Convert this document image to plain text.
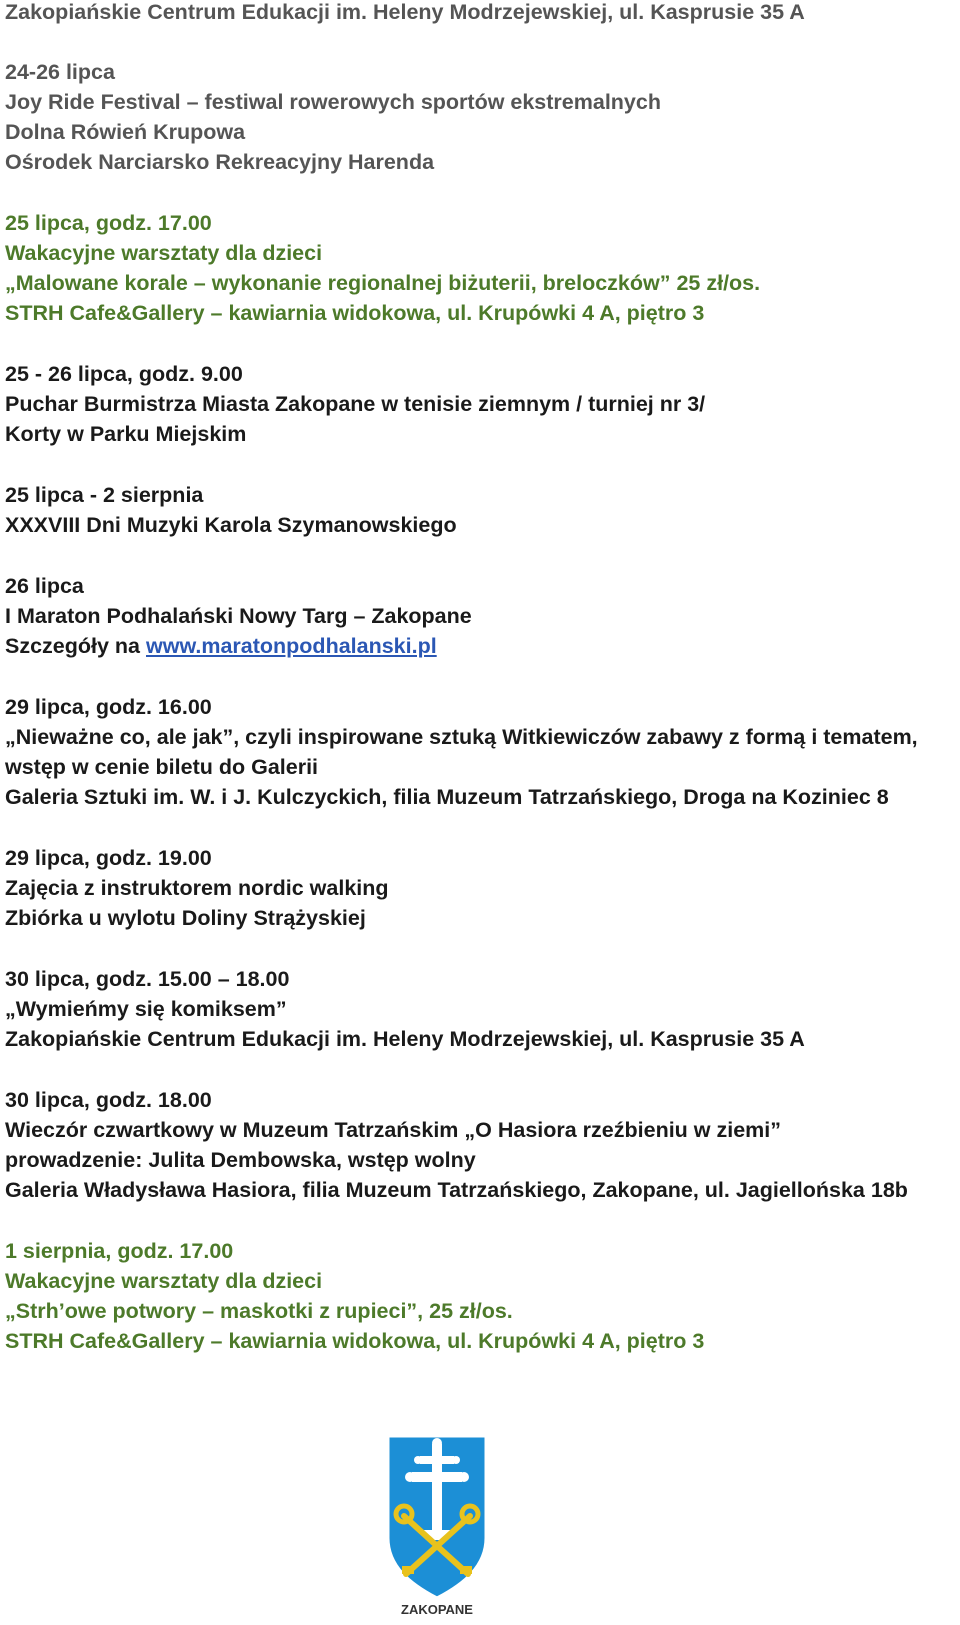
Zakopiańskie Centrum Edukacji im. Heleny Modrzejewskiej, ul. Kasprusie 35 A
24-26 lipca
Joy Ride Festival – festiwal rowerowych sportów ekstremalnych
Dolna Rówień Krupowa
Ośrodek Narciarsko Rekreacyjny Harenda
25 lipca, godz. 17.00
Wakacyjne warsztaty dla dzieci
„Malowane korale – wykonanie regionalnej biżuterii, breloczków” 25 zł/os.
STRH Cafe&Gallery – kawiarnia widokowa, ul. Krupówki 4 A, piętro 3
25 - 26 lipca, godz. 9.00
Puchar Burmistrza Miasta Zakopane w tenisie ziemnym / turniej nr 3/
Korty w Parku Miejskim
25 lipca - 2 sierpnia
XXXVIII Dni Muzyki Karola Szymanowskiego
26 lipca
I Maraton Podhalański Nowy Targ – Zakopane
Szczegóły na www.maratonpodhalanski.pl
29 lipca, godz. 16.00
„Nieważne co, ale jak”, czyli inspirowane sztuką Witkiewiczów zabawy z formą i tematem,
wstęp w cenie biletu do Galerii
Galeria Sztuki im. W. i J. Kulczyckich, filia Muzeum Tatrzańskiego, Droga na Koziniec 8
29 lipca, godz. 19.00
Zajęcia z instruktorem nordic walking
Zbiórka u wylotu Doliny Strążyskiej
30 lipca, godz. 15.00 – 18.00
„Wymieńmy się komiksem”
Zakopiańskie Centrum Edukacji im. Heleny Modrzejewskiej, ul. Kasprusie 35 A
30 lipca, godz. 18.00
Wieczór czwartkowy w Muzeum Tatrzańskim „O Hasiora rzeźbieniu w ziemi”
prowadzenie: Julita Dembowska, wstęp wolny
Galeria Władysława Hasiora, filia Muzeum Tatrzańskiego, Zakopane, ul. Jagiellońska 18b
1 sierpnia, godz. 17.00
Wakacyjne warsztaty dla dzieci
„Strh’owe potwory – maskotki z rupieci”, 25 zł/os.
STRH Cafe&Gallery – kawiarnia widokowa, ul. Krupówki 4 A, piętro 3
ZAKOPANE
